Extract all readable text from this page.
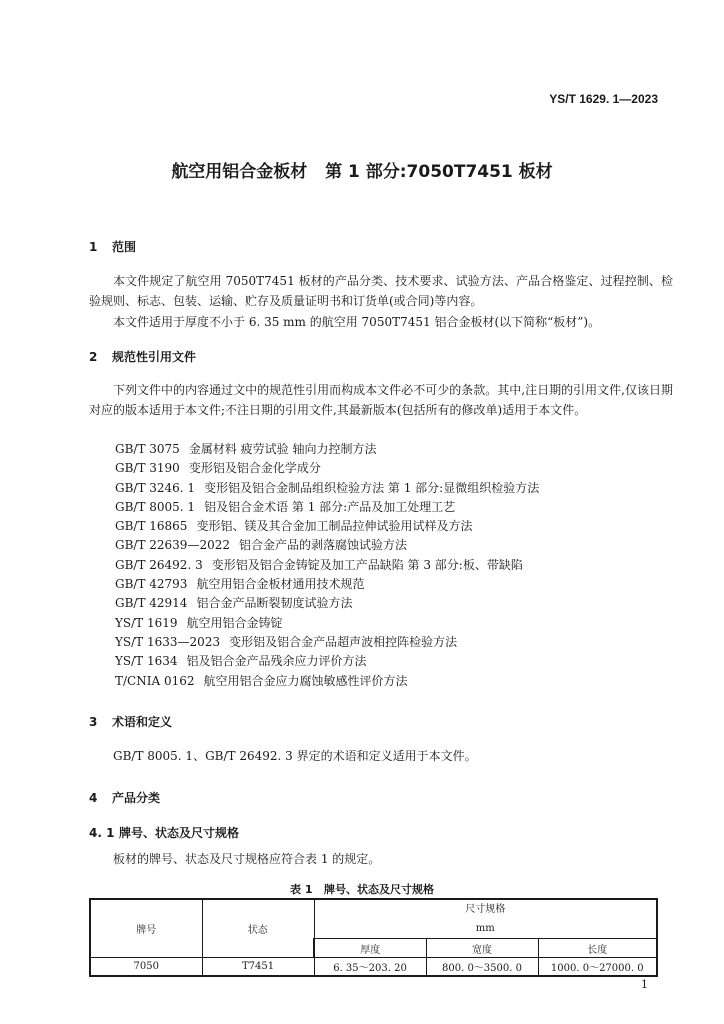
YS/T 1629. 1—2023
航空用铝合金板材   第 1 部分:7050T7451 板材
1 范围
本文件规定了航空用 7050T7451 板材的产品分类、技术要求、试验方法、产品合格鉴定、过程控制、检验规则、标志、包装、运输、贮存及质量证明书和订货单(或合同)等内容。
本文件适用于厚度不小于 6. 35 mm 的航空用 7050T7451 铝合金板材(以下简称“板材”)。
2 规范性引用文件
下列文件中的内容通过文中的规范性引用而构成本文件必不可少的条款。其中,注日期的引用文件,仅该日期对应的版本适用于本文件;不注日期的引用文件,其最新版本(包括所有的修改单)适用于本文件。
GB/T 3075 金属材料 疲劳试验 轴向力控制方法
GB/T 3190 变形铝及铝合金化学成分
GB/T 3246. 1 变形铝及铝合金制品组织检验方法 第 1 部分:显微组织检验方法
GB/T 8005. 1 铝及铝合金术语 第 1 部分:产品及加工处理工艺
GB/T 16865 变形铝、镁及其合金加工制品拉伸试验用试样及方法
GB/T 22639—2022 铝合金产品的剥落腐蚀试验方法
GB/T 26492. 3 变形铝及铝合金铸锭及加工产品缺陷 第 3 部分:板、带缺陷
GB/T 42793 航空用铝合金板材通用技术规范
GB/T 42914 铝合金产品断裂韧度试验方法
YS/T 1619 航空用铝合金铸锭
YS/T 1633—2023 变形铝及铝合金产品超声波相控阵检验方法
YS/T 1634 铝及铝合金产品残余应力评价方法
T/CNIA 0162 航空用铝合金应力腐蚀敏感性评价方法
3 术语和定义
GB/T 8005. 1、GB/T 26492. 3 界定的术语和定义适用于本文件。
4 产品分类
4. 1 牌号、状态及尺寸规格
板材的牌号、状态及尺寸规格应符合表 1 的规定。
表 1 牌号、状态及尺寸规格
牌号	状态	尺寸规格
mm		

		厚度	宽度	长度
7050	T7451	6. 35～203. 20	800. 0～3500. 0	1000. 0～27000. 0
1
